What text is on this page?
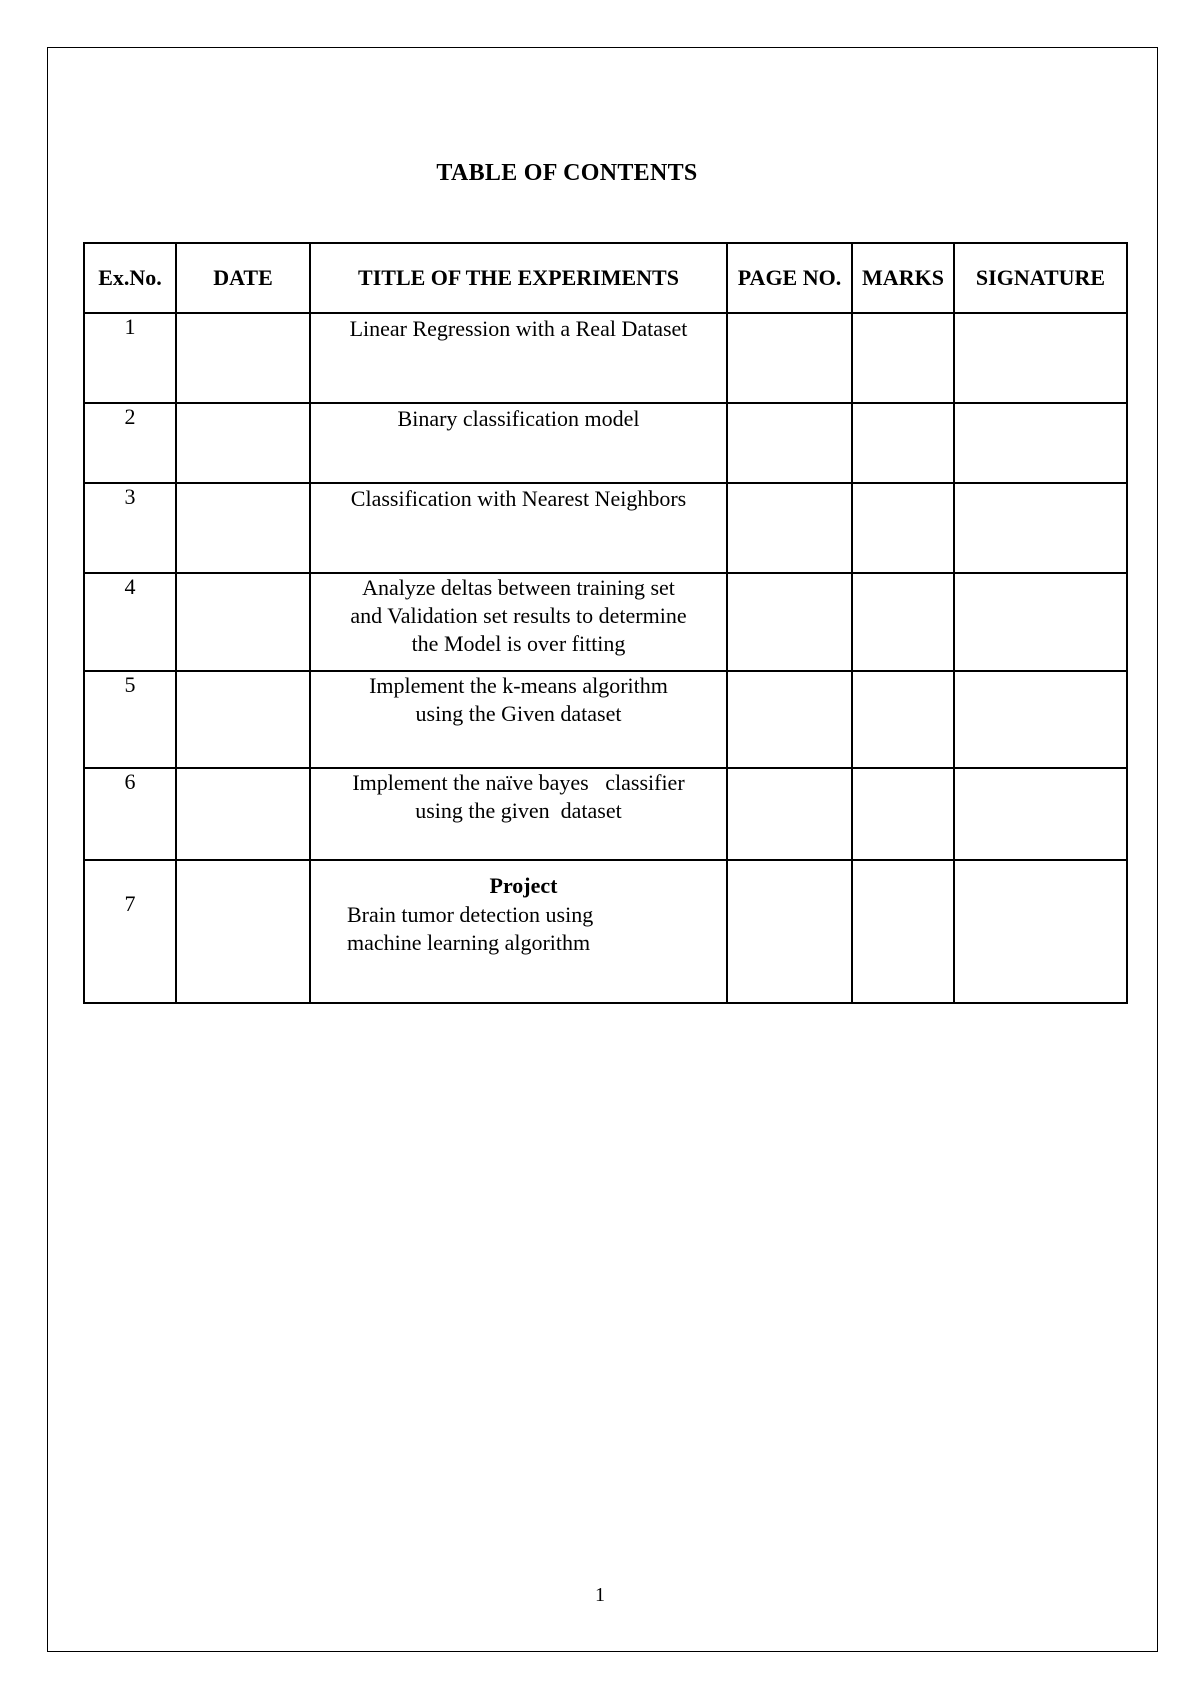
TABLE OF CONTENTS
Ex.No.	DATE	TITLE OF THE EXPERIMENTS	PAGE NO.	MARKS	SIGNATURE
1		Linear Regression with a Real Dataset			
2		Binary classification model			
3		Classification with Nearest Neighbors			
4		Analyze deltas between training set
and Validation set results to determine
the Model is over fitting			

5		Implement the k-means algorithm
using the Given dataset			

6		Implement the naïve bayes   classifier
using the given  dataset			

7		Project
Brain tumor detection using
machine learning algorithm			

1
